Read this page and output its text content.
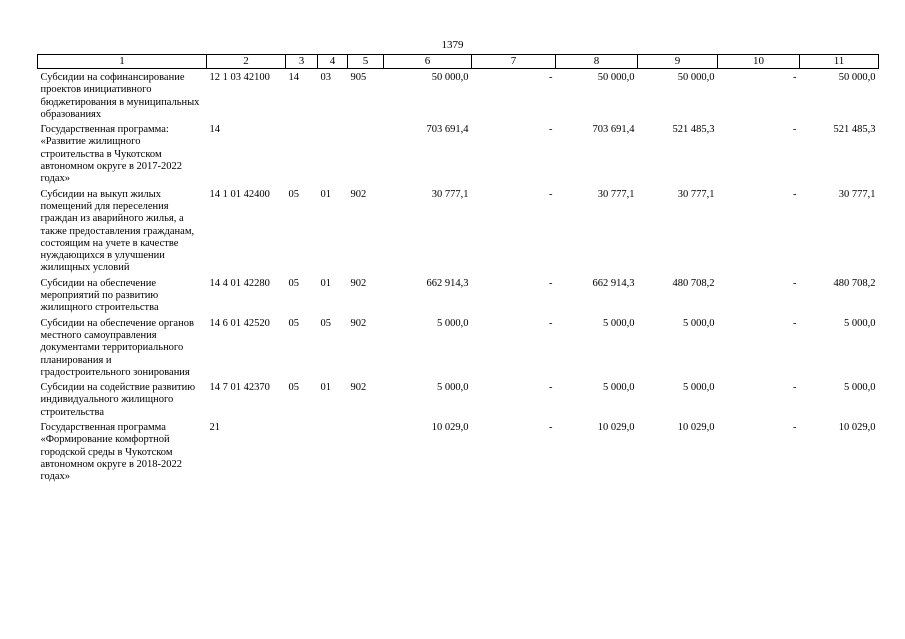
1379
1	2	3	4	5	6	7	8	9	10	11
Субсидии на софинансирование проектов инициативного бюджетирования в муниципальных образованиях	12 1 03 42100	14	03	905	50 000,0	-	50 000,0	50 000,0	-	50 000,0
Государственная программа: «Развитие жилищного строительства в Чукотском автономном округе в 2017-2022 годах»	14				703 691,4	-	703 691,4	521 485,3	-	521 485,3
Субсидии на выкуп жилых помещений для переселения граждан из аварийного жилья, а также предоставления гражданам, состоящим на учете в качестве нуждающихся в улучшении жилищных условий	14 1 01 42400	05	01	902	30 777,1	-	30 777,1	30 777,1	-	30 777,1
Субсидии на обеспечение мероприятий по развитию жилищного строительства	14 4 01 42280	05	01	902	662 914,3	-	662 914,3	480 708,2	-	480 708,2
Субсидии на обеспечение органов местного самоуправления документами территориального планирования и градостроительного зонирования	14 6 01 42520	05	05	902	5 000,0	-	5 000,0	5 000,0	-	5 000,0
Субсидии на содействие развитию индивидуального жилищного строительства	14 7 01 42370	05	01	902	5 000,0	-	5 000,0	5 000,0	-	5 000,0
Государственная программа «Формирование комфортной городской среды в Чукотском автономном округе в 2018-2022 годах»	21				10 029,0	-	10 029,0	10 029,0	-	10 029,0
